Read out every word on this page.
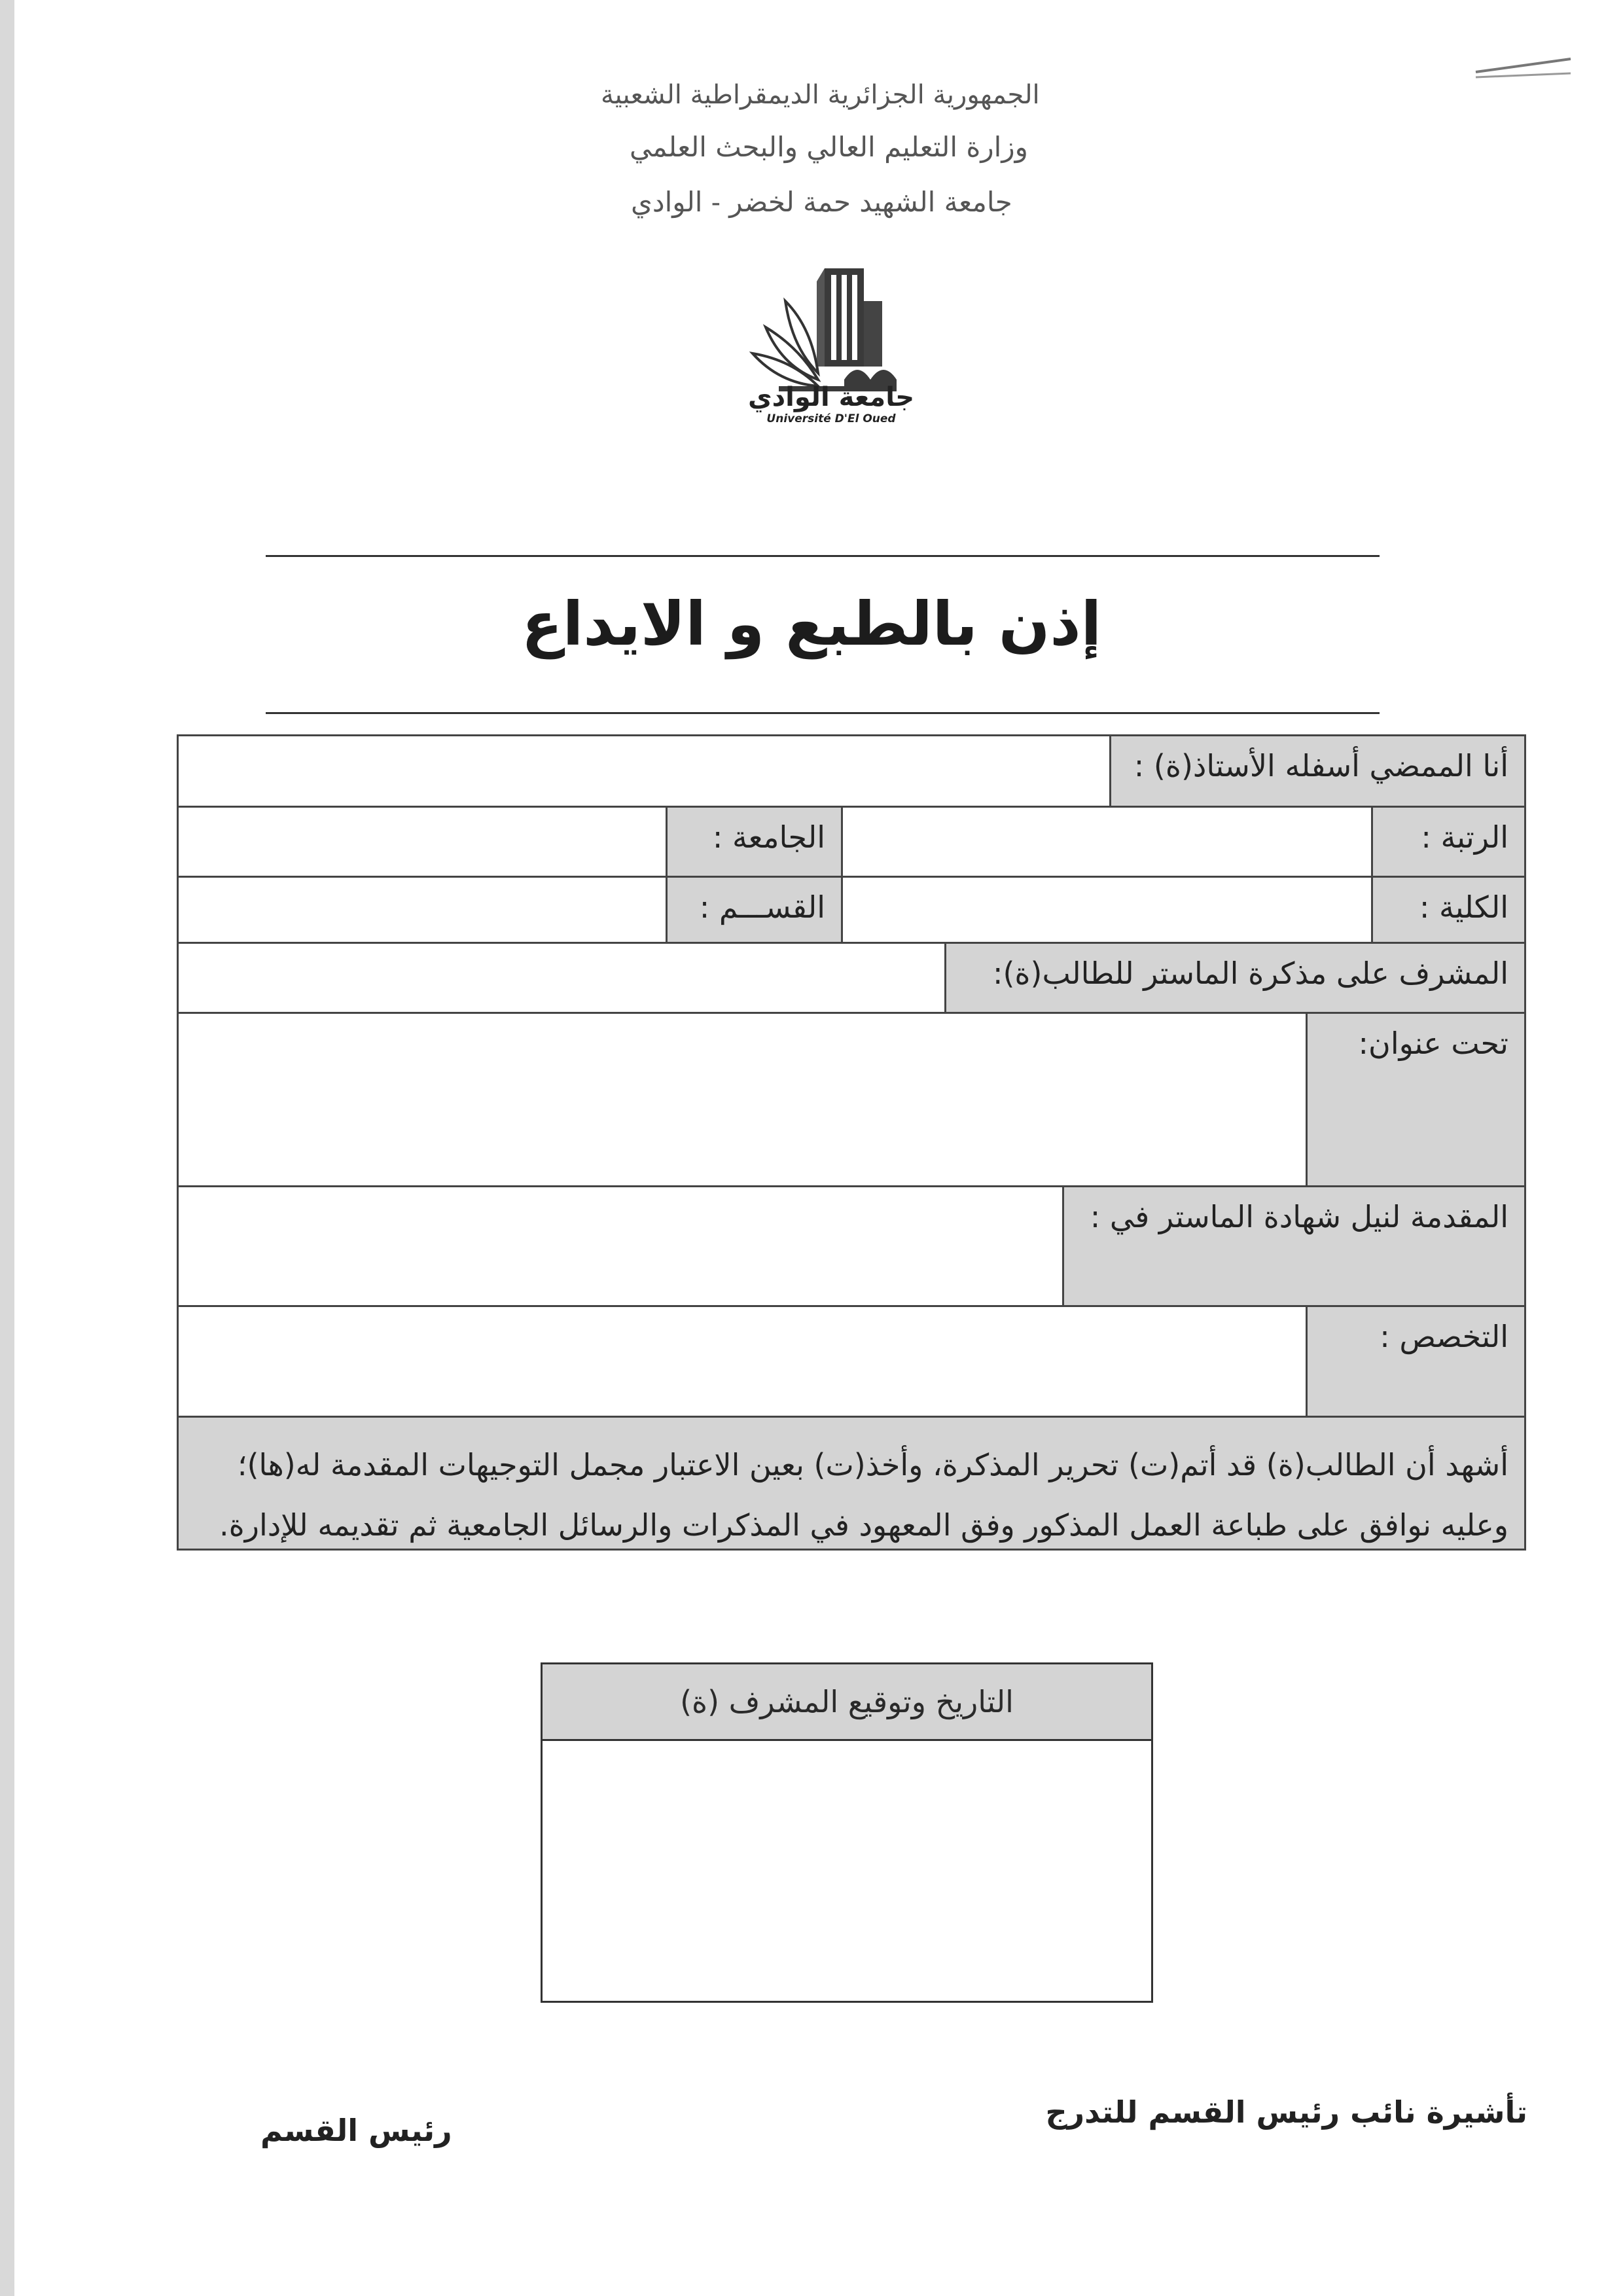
الجمهورية الجزائرية الديمقراطية الشعبية
وزارة التعليم العالي والبحث العلمي
جامعة الشهيد حمة لخضر - الوادي
جامعة الوادي
Université D'El Oued
إذن بالطبع و الايداع
أنا الممضي أسفله الأستاذ(ة) :
الرتبة :
الجامعة :
الكلية :
القســـم :
المشرف على مذكرة الماستر للطالب(ة):
تحت عنوان:
المقدمة لنيل شهادة الماستر في :
التخصص :
أشهد أن الطالب(ة) قد أتم(ت) تحرير المذكرة، وأخذ(ت) بعين الاعتبار مجمل التوجيهات المقدمة له(ها)؛
وعليه نوافق على طباعة العمل المذكور وفق المعهود في المذكرات والرسائل الجامعية ثم تقديمه للإدارة.
التاريخ وتوقيع المشرف (ة)
تأشيرة نائب رئيس القسم للتدرج
رئيس القسم
